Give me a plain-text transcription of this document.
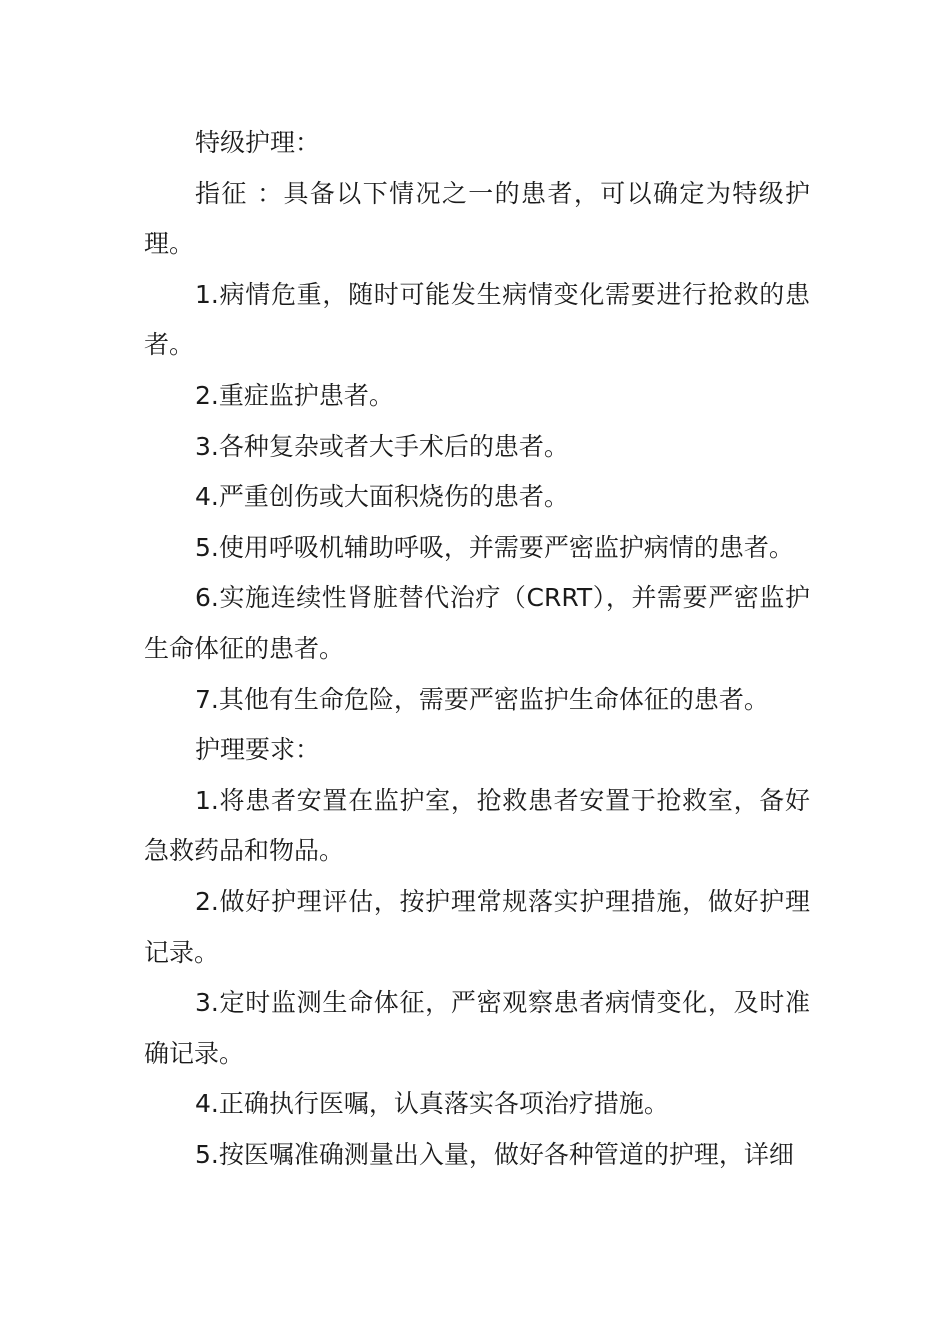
特级护理：

指征 ：具备以下情况之一的患者，可以确定为特级护理。

1.病情危重，随时可能发生病情变化需要进行抢救的患者。

2.重症监护患者。

3.各种复杂或者大手术后的患者。

4.严重创伤或大面积烧伤的患者。

5.使用呼吸机辅助呼吸，并需要严密监护病情的患者。

6.实施连续性肾脏替代治疗（CRRT），并需要严密监护生命体征的患者。

7.其他有生命危险，需要严密监护生命体征的患者。

护理要求：

1.将患者安置在监护室，抢救患者安置于抢救室，备好急救药品和物品。

2.做好护理评估，按护理常规落实护理措施，做好护理记录。

3.定时监测生命体征，严密观察患者病情变化，及时准确记录。

4.正确执行医嘱，认真落实各项治疗措施。

5.按医嘱准确测量出入量，做好各种管道的护理，详细
